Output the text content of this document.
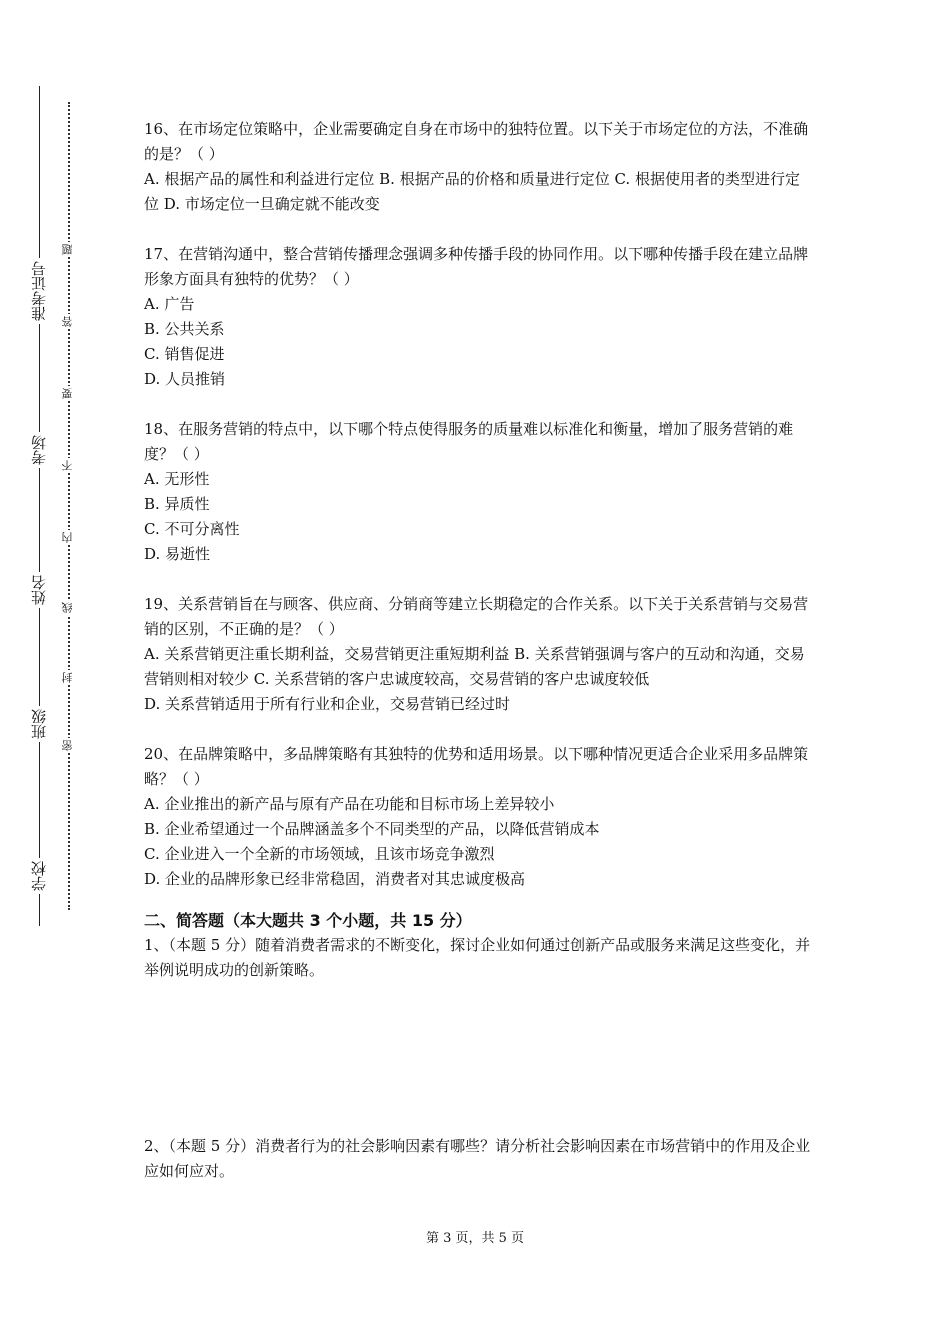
学校
班级
姓名
考场
准考证号
密
封
线
内
不
要
答
题

16、在市场定位策略中，企业需要确定自身在市场中的独特位置。以下关于市场定位的方法，不准确的是？（ ）

A. 根据产品的属性和利益进行定位 B. 根据产品的价格和质量进行定位 C. 根据使用者的类型进行定位 D. 市场定位一旦确定就不能改变

17、在营销沟通中，整合营销传播理念强调多种传播手段的协同作用。以下哪种传播手段在建立品牌形象方面具有独特的优势？（ ）

A. 广告

B. 公共关系

C. 销售促进

D. 人员推销

18、在服务营销的特点中，以下哪个特点使得服务的质量难以标准化和衡量，增加了服务营销的难度？（ ）

A. 无形性

B. 异质性

C. 不可分离性

D. 易逝性

19、关系营销旨在与顾客、供应商、分销商等建立长期稳定的合作关系。以下关于关系营销与交易营销的区别，不正确的是？（ ）

A. 关系营销更注重长期利益，交易营销更注重短期利益 B. 关系营销强调与客户的互动和沟通，交易营销则相对较少 C. 关系营销的客户忠诚度较高，交易营销的客户忠诚度较低

D. 关系营销适用于所有行业和企业，交易营销已经过时

20、在品牌策略中，多品牌策略有其独特的优势和适用场景。以下哪种情况更适合企业采用多品牌策略？（ ）

A. 企业推出的新产品与原有产品在功能和目标市场上差异较小

B. 企业希望通过一个品牌涵盖多个不同类型的产品，以降低营销成本

C. 企业进入一个全新的市场领域，且该市场竞争激烈

D. 企业的品牌形象已经非常稳固，消费者对其忠诚度极高

二、简答题（本大题共 3 个小题，共 15 分）

1、（本题 5 分）随着消费者需求的不断变化，探讨企业如何通过创新产品或服务来满足这些变化，并举例说明成功的创新策略。

2、（本题 5 分）消费者行为的社会影响因素有哪些？请分析社会影响因素在市场营销中的作用及企业应如何应对。

第 3 页，共 5 页
